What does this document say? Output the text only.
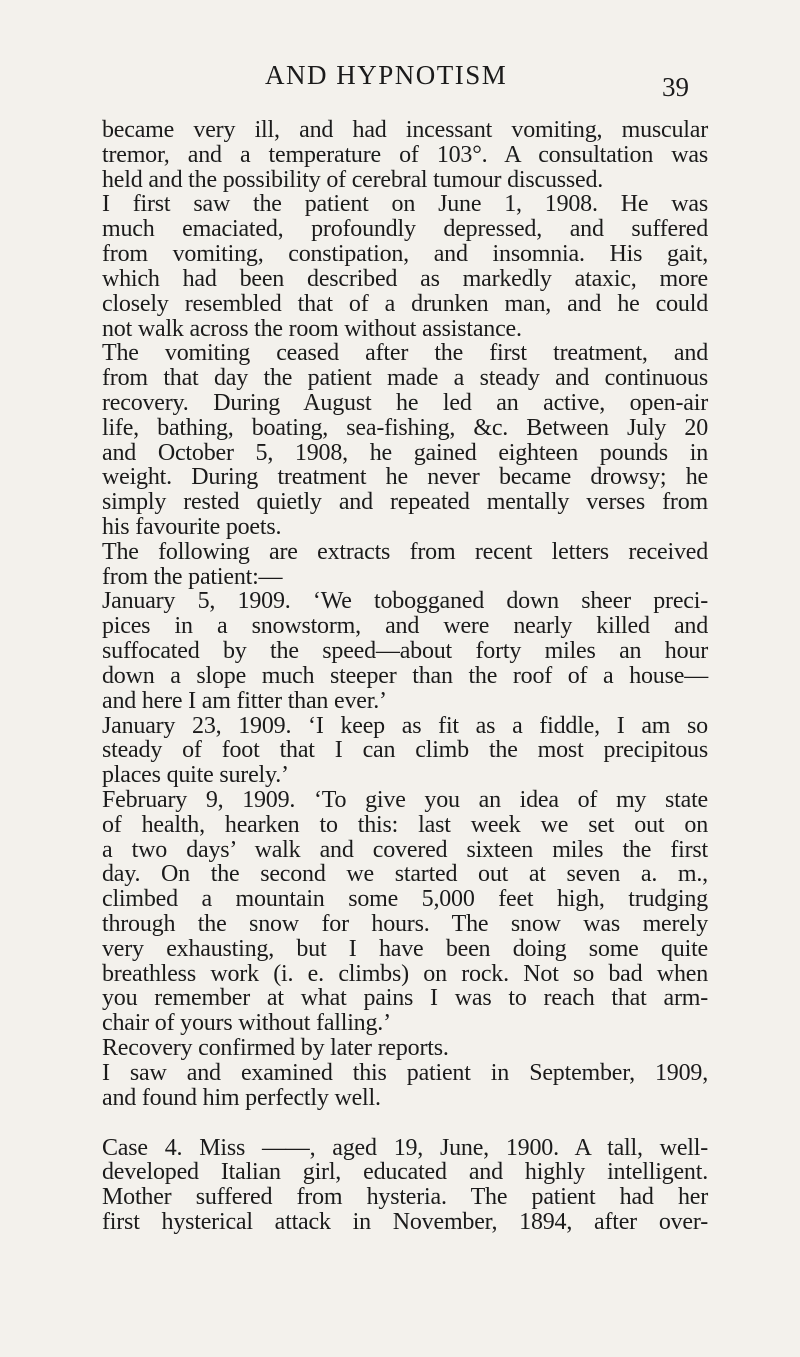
AND HYPNOTISM	39
became very ill, and had incessant vomiting, muscular
tremor, and a temperature of 103°. A consultation was
held and the possibility of cerebral tumour discussed.
I first saw the patient on June 1, 1908. He was
much emaciated, profoundly depressed, and suffered
from vomiting, constipation, and insomnia. His gait,
which had been described as markedly ataxic, more
closely resembled that of a drunken man, and he could
not walk across the room without assistance.
The vomiting ceased after the first treatment, and
from that day the patient made a steady and continuous
recovery. During August he led an active, open-air
life, bathing, boating, sea-fishing, &c. Between July 20
and October 5, 1908, he gained eighteen pounds in
weight. During treatment he never became drowsy; he
simply rested quietly and repeated mentally verses from
his favourite poets.
The following are extracts from recent letters received
from the patient:—
January 5, 1909. ‘We tobogganed down sheer preci-
pices in a snowstorm, and were nearly killed and
suffocated by the speed—about forty miles an hour
down a slope much steeper than the roof of a house—
and here I am fitter than ever.’
January 23, 1909. ‘I keep as fit as a fiddle, I am so
steady of foot that I can climb the most precipitous
places quite surely.’
February 9, 1909. ‘To give you an idea of my state
of health, hearken to this: last week we set out on
a two days’ walk and covered sixteen miles the first
day. On the second we started out at seven a. m.,
climbed a mountain some 5,000 feet high, trudging
through the snow for hours. The snow was merely
very exhausting, but I have been doing some quite
breathless work (i. e. climbs) on rock. Not so bad when
you remember at what pains I was to reach that arm-
chair of yours without falling.’
Recovery confirmed by later reports.
I saw and examined this patient in September, 1909,
and found him perfectly well.
Case 4. Miss ——, aged 19, June, 1900. A tall, well-
developed Italian girl, educated and highly intelligent.
Mother suffered from hysteria. The patient had her
first hysterical attack in November, 1894, after over-
